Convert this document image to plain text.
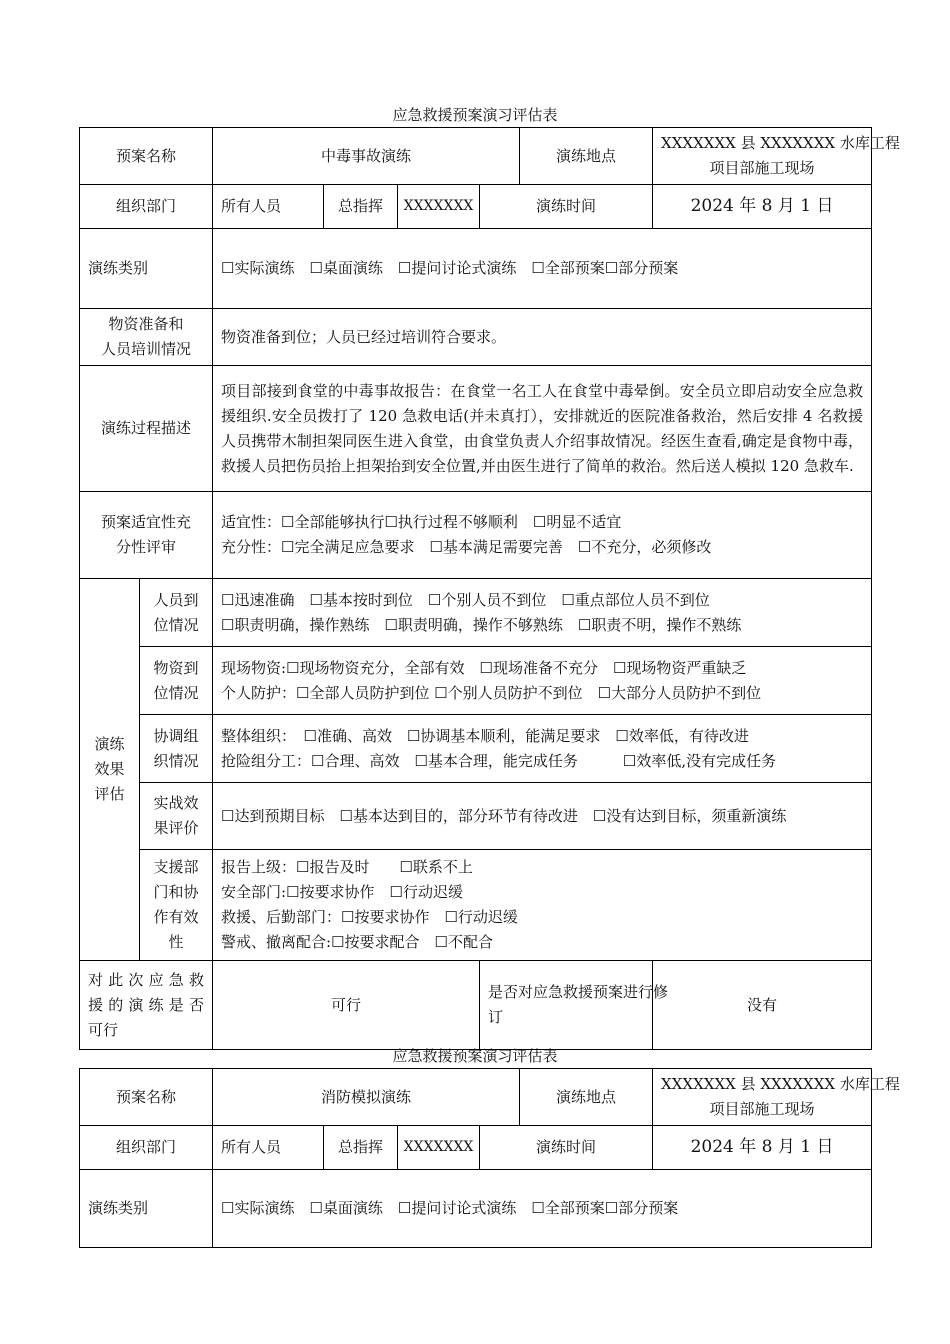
应急救援预案演习评估表
预案名称		中毒事故演练				演练地点	XXXXXXX 县 XXXXXXX 水库工程
项目部施工现场

组织部门		所有人员	总指挥	XXXXXXX	演练时间		2024 年 8 月 1 日
演练类别		☐实际演练　☐桌面演练　☐提问讨论式演练　☐全部预案☐部分预案					

物资准备和
人员培训情况		物资准备到位；人员已经过培训符合要求。					
演练过程描述		项目部接到食堂的中毒事故报告：在食堂一名工人在食堂中毒晕倒。安全员立即启动安全应急救援组织.安全员拨打了 120 急救电话(并未真打），安排就近的医院准备救治，然后安排 4 名救援人员携带木制担架同医生进入食堂，由食堂负责人介绍事故情况。经医生查看,确定是食物中毒，救援人员把伤员抬上担架抬到安全位置,并由医生进行了简单的救治。然后送人模拟 120 急救车.					

预案适宜性充
分性评审		适宜性：☐全部能够执行☐执行过程不够顺利　☐明显不适宜
充分性：☐完全满足应急要求　☐基本满足需要完善　☐不充分，必须修改					

演练
效果
评估	人员到
位情况	☐迅速准确　☐基本按时到位　☐个别人员不到位　☐重点部位人员不到位
☐职责明确，操作熟练　☐职责明确，操作不够熟练　☐职责不明，操作不熟练					

	物资到
位情况	现场物资:☐现场物资充分，全部有效　☐现场准备不充分　☐现场物资严重缺乏
个人防护：☐全部人员防护到位 ☐个别人员防护不到位　☐大部分人员防护不到位					

	协调组
织情况	整体组织：　☐准确、高效　☐协调基本顺利，能满足要求　☐效率低，有待改进
抢险组分工：☐合理、高效　☐基本合理，能完成任务　　　☐效率低,没有完成任务					

	实战效
果评价	☐达到预期目标　☐基本达到目的，部分环节有待改进　☐没有达到目标，须重新演练					

	支援部
门和协
作有效
性	报告上级：☐报告及时　　☐联系不上
安全部门:☐按要求协作　☐行动迟缓
救援、后勤部门：☐按要求协作　☐行动迟缓
警戒、撤离配合:☐按要求配合　☐不配合					

对此次应急救
援的演练是否
可行		可行			是否对应急救援预案进行修
订		没有
应急救援预案演习评估表
预案名称	消防模拟演练				演练地点	XXXXXXX 县 XXXXXXX 水库工程
项目部施工现场

组织部门	所有人员	总指挥	XXXXXXX	演练时间		2024 年 8 月 1 日
演练类别	☐实际演练　☐桌面演练　☐提问讨论式演练　☐全部预案☐部分预案					
